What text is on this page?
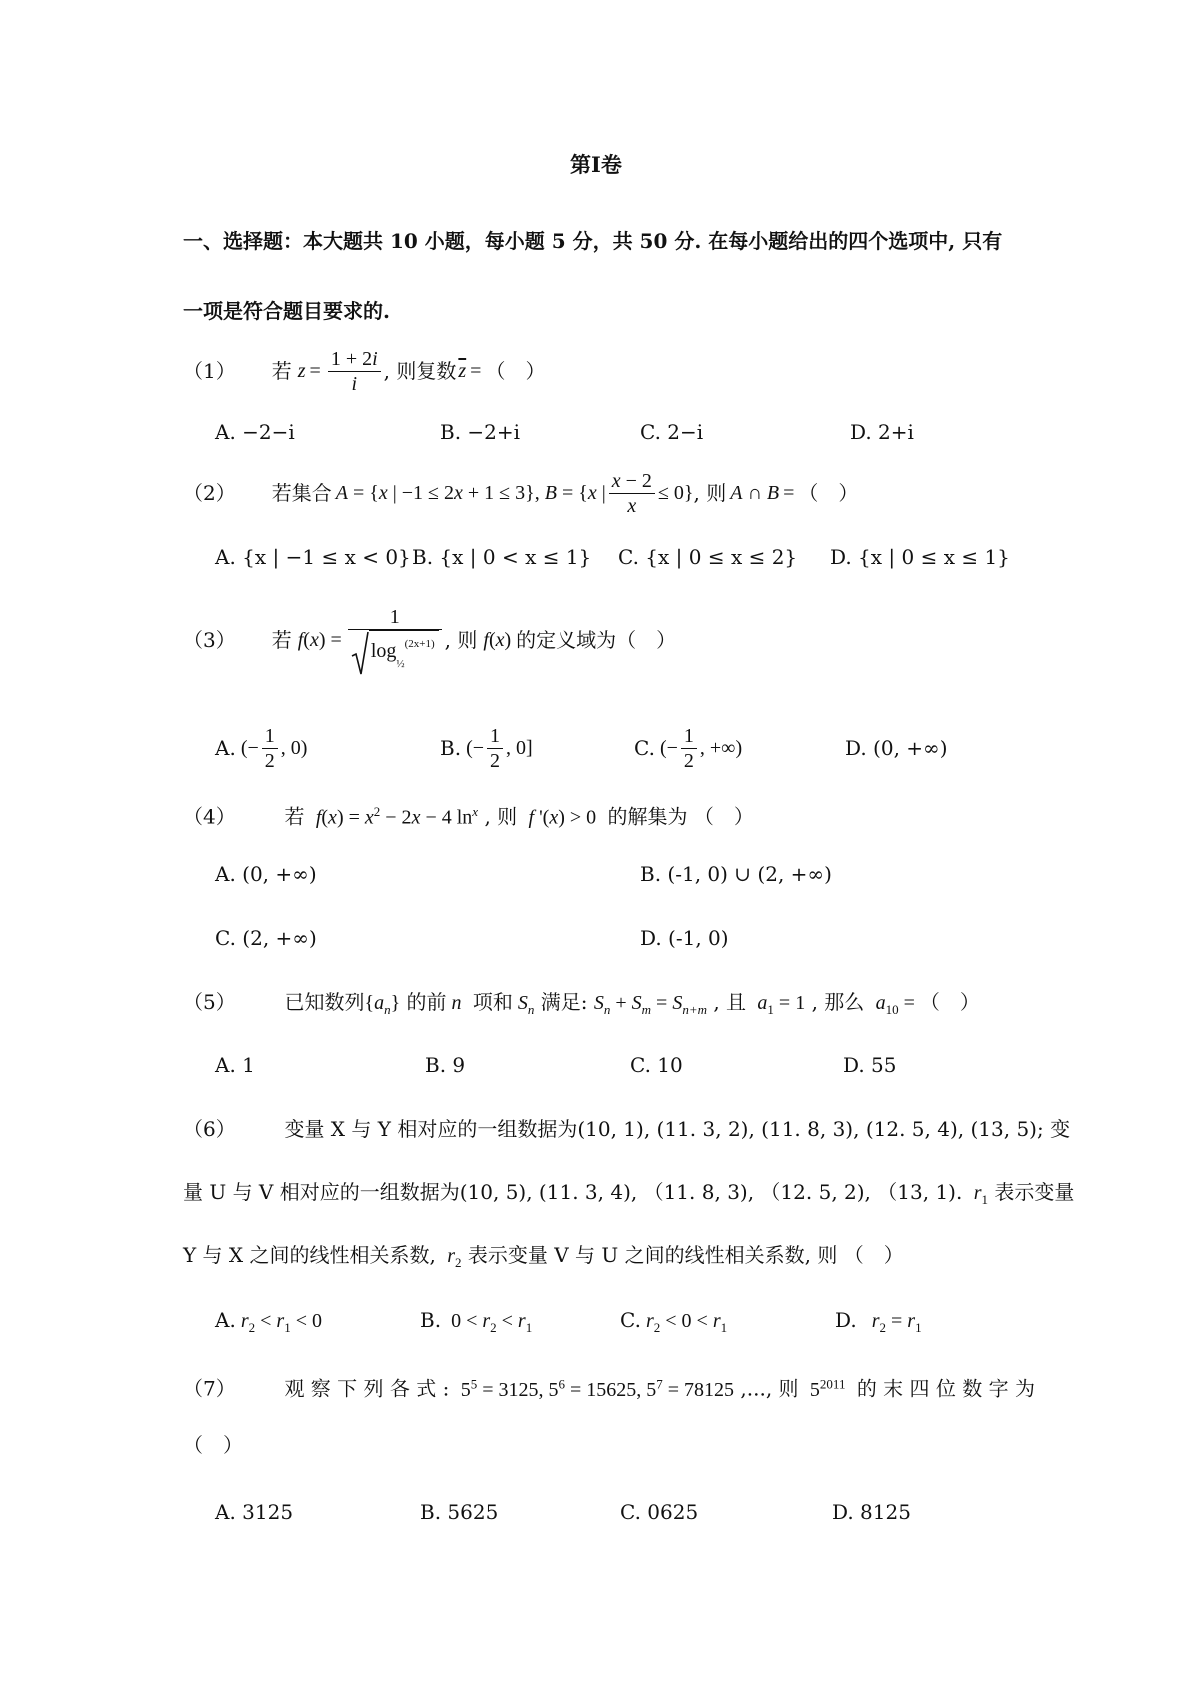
第Ⅰ卷
一、选择题：本大题共 10 小题，每小题 5 分，共 50 分. 在每小题给出的四个选项中, 只有
一项是符合题目要求的.
（1） 若 $z = \frac{1 + 2i}{i}$ , 则复数 $\overline{z}$ = （　）
A. −2−i	B. −2+i	C. 2−i	D. 2+i
（2） 若集合 A = { x | −1 ≤ 2 x + 1 ≤ 3}, B = { x | $\frac{x - 2}{x} \le 0$} , 则 A ∩ B = （　）
A. {x | −1 ≤ x < 0} B. {x | 0 < x ≤ 1} C. {x | 0 ≤ x ≤ 2} D. {x | 0 ≤ x ≤ 1}
（3） 若 f ( x ) = $\frac{1}{\log_{\frac{1}{2}}^{(2x+1)}}$ , 则 f ( x ) 的定义域为 （　）
A. (− $\frac{1}{2}$ , 0)	B. (− $\frac{1}{2}$ , 0]	C. (− $\frac{1}{2}$ , +∞)	D. (0, +∞)
（4） 若  $f(x) = x^2 - 2x - 4$ $\ln^x$ , 则  f '(x) > 0  的解集为 （　）
A. (0, +∞)	B. (-1, 0) ∪ (2, +∞)
C. (2, +∞)	D. (-1, 0)
（5） 已知数列$\{a_n\}$ 的前 n  项和 $S_n$ 满足: $S_n + S_m = S_{n+m}$ , 且  $a_1 = 1$ , 那么  $a_{10}$ = （　）
A. 1	B. 9	C. 10	D. 55
（6） 变量 X 与 Y 相对应的一组数据为(10, 1), (11. 3, 2), (11. 8, 3), (12. 5, 4), (13, 5); 变
量 U 与 V 相对应的一组数据为(10, 5), (11. 3, 4), （11. 8, 3), （12. 5, 2), （13, 1).  $r_1$ 表示变量
Y 与 X 之间的线性相关系数,  $r_2$ 表示变量 V 与 U 之间的线性相关系数, 则 （　）
A. $r_2 < r_1 < 0$	B.  $0 < r_2 < r_1$	C. $r_2 < 0 < r_1$	D.   $r_2 = r_1$
（7） 观 察 下 列 各 式 :  $5^5 = 3125$, $5^6 = 15625$, $5^7 = 78125$ ,..., 则  $5^{2011}$ 的 末 四 位 数 字 为
（　）
A. 3125	B. 5625	C. 0625	D. 8125
